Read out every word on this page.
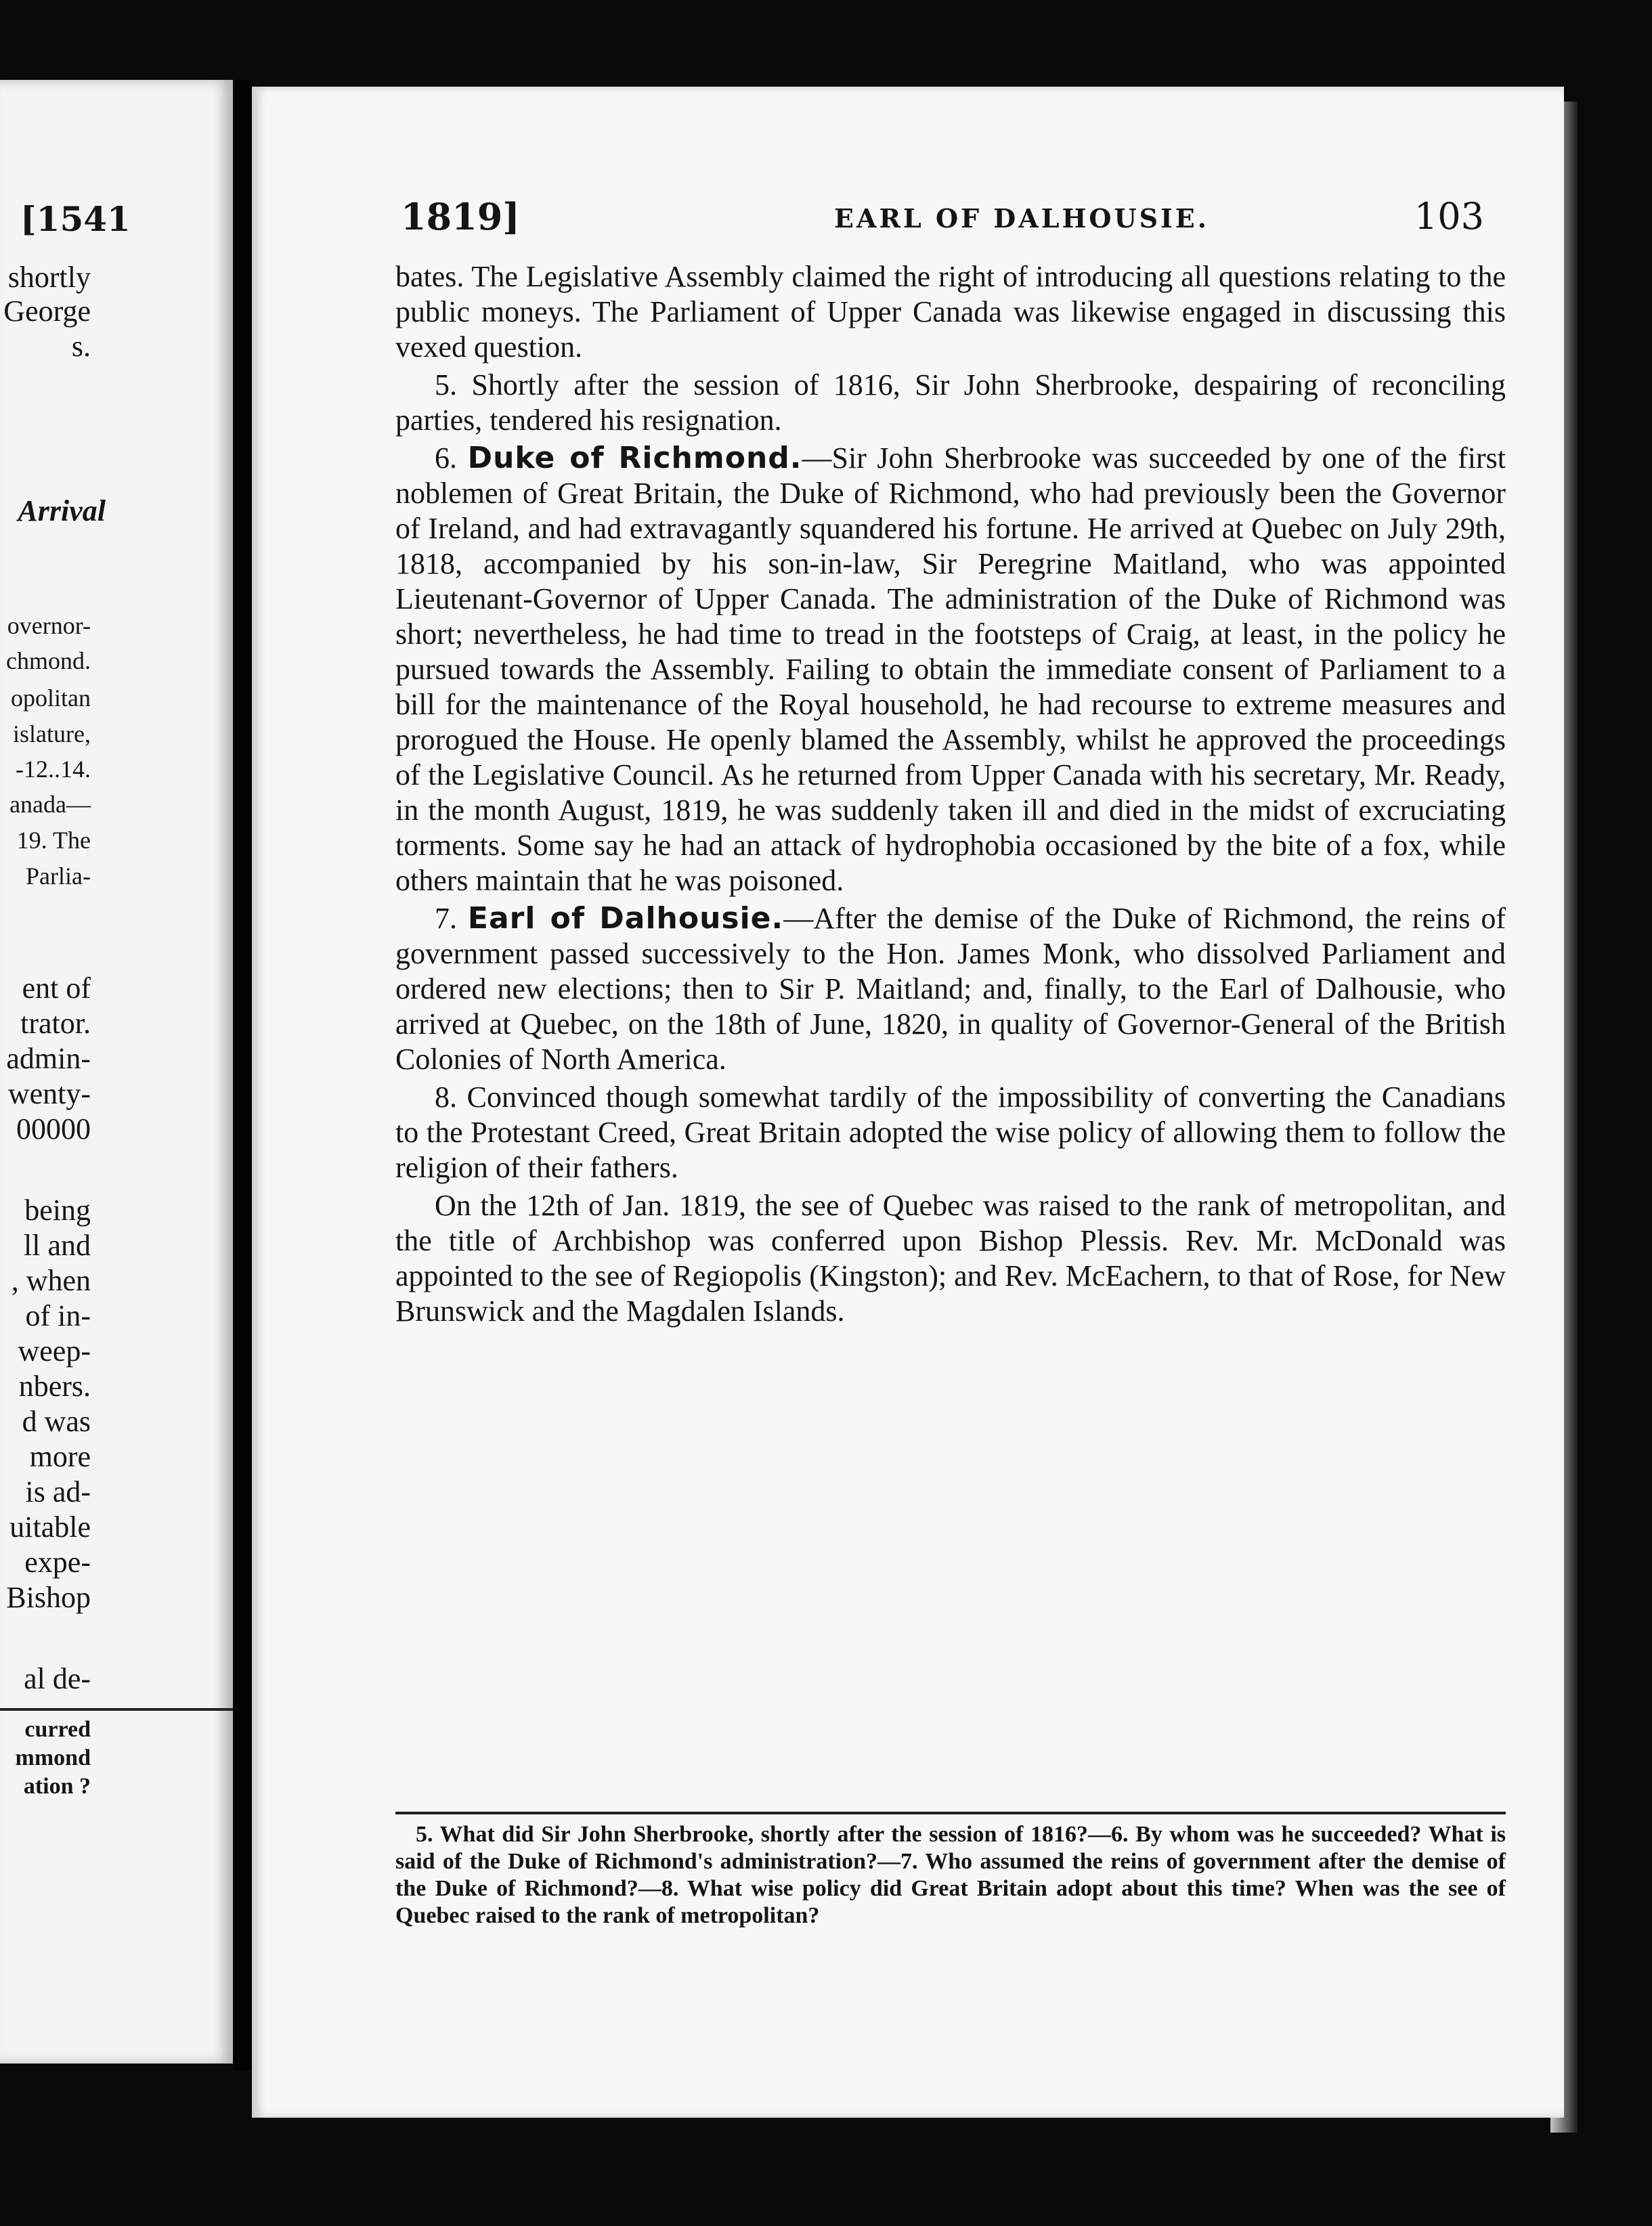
[1541
shortly
George
s.
Arrival
overnor-
chmond.
opolitan
islature,
-12..14.
anada—
19. The
Parlia-
ent of
trator.
admin-
wenty-
00000
being
ll and
, when
of in-
weep-
nbers.
d was
more
is ad-
uitable
expe-
Bishop
al de-
curred
mmond
ation ?
1819]	EARL OF DALHOUSIE.	103

bates. The Legislative Assembly claimed the right of introducing all questions relating to the public moneys. The Parliament of Upper Canada was likewise engaged in discussing this vexed question.

5. Shortly after the session of 1816, Sir John Sherbrooke, despairing of reconciling parties, tendered his resignation.

6. Duke of Richmond.—Sir John Sherbrooke was succeeded by one of the first noblemen of Great Britain, the Duke of Richmond, who had previously been the Governor of Ireland, and had extravagantly squandered his fortune. He arrived at Quebec on July 29th, 1818, accompanied by his son-in-law, Sir Peregrine Maitland, who was appointed Lieutenant-Governor of Upper Canada. The administration of the Duke of Richmond was short; nevertheless, he had time to tread in the footsteps of Craig, at least, in the policy he pursued towards the Assembly. Failing to obtain the immediate consent of Parliament to a bill for the maintenance of the Royal household, he had recourse to extreme measures and prorogued the House. He openly blamed the Assembly, whilst he approved the proceedings of the Legislative Council. As he returned from Upper Canada with his secretary, Mr. Ready, in the month August, 1819, he was suddenly taken ill and died in the midst of excruciating torments. Some say he had an attack of hydrophobia occasioned by the bite of a fox, while others maintain that he was poisoned.

7. Earl of Dalhousie.—After the demise of the Duke of Richmond, the reins of government passed successively to the Hon. James Monk, who dissolved Parliament and ordered new elections; then to Sir P. Maitland; and, finally, to the Earl of Dalhousie, who arrived at Quebec, on the 18th of June, 1820, in quality of Governor-General of the British Colonies of North America.

8. Convinced though somewhat tardily of the impossibility of converting the Canadians to the Protestant Creed, Great Britain adopted the wise policy of allowing them to follow the religion of their fathers.

On the 12th of Jan. 1819, the see of Quebec was raised to the rank of metropolitan, and the title of Archbishop was conferred upon Bishop Plessis. Rev. Mr. McDonald was appointed to the see of Regiopolis (Kingston); and Rev. McEachern, to that of Rose, for New Brunswick and the Magdalen Islands.

5. What did Sir John Sherbrooke, shortly after the session of 1816?—6. By whom was he succeeded? What is said of the Duke of Richmond's administration?—7. Who assumed the reins of government after the demise of the Duke of Richmond?—8. What wise policy did Great Britain adopt about this time? When was the see of Quebec raised to the rank of metropolitan?
